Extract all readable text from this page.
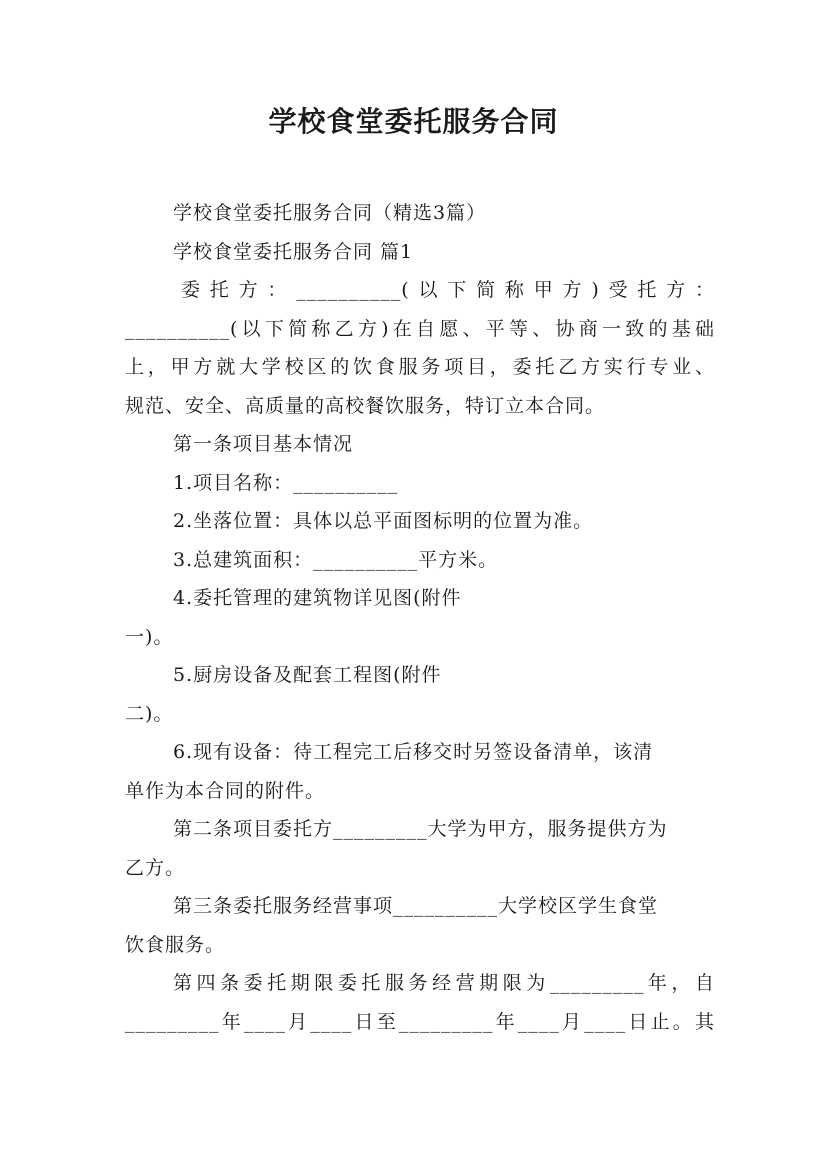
学校食堂委托服务合同

学校食堂委托服务合同（精选3篇）

学校食堂委托服务合同 篇1

委托方：__________(以下简称甲方)受托方：

__________(以下简称乙方)在自愿、平等、协商一致的基础

上，甲方就大学校区的饮食服务项目，委托乙方实行专业、

规范、安全、高质量的高校餐饮服务，特订立本合同。

第一条项目基本情况

1.项目名称：__________

2.坐落位置：具体以总平面图标明的位置为准。

3.总建筑面积：__________平方米。

4.委托管理的建筑物详见图(附件

一)。

5.厨房设备及配套工程图(附件

二)。

6.现有设备：待工程完工后移交时另签设备清单，该清

单作为本合同的附件。

第二条项目委托方_________大学为甲方，服务提供方为

乙方。

第三条委托服务经营事项__________大学校区学生食堂

饮食服务。

第四条委托期限委托服务经营期限为_________年，自

_________年____月____日至_________年____月____日止。其
